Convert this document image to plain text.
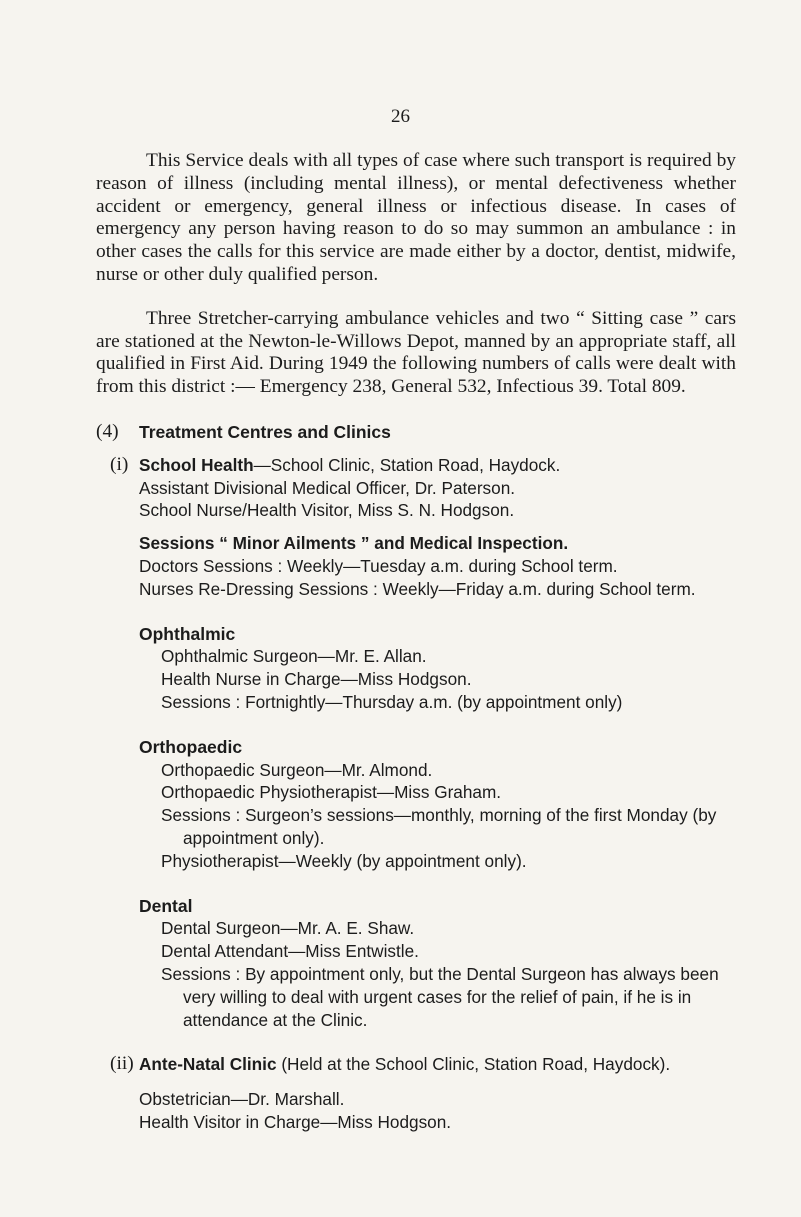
26

This Service deals with all types of case where such transport is required by reason of illness (including mental illness), or mental defectiveness whether accident or emergency, general illness or infectious disease. In cases of emergency any person having reason to do so may summon an ambulance : in other cases the calls for this service are made either by a doctor, dentist, midwife, nurse or other duly qualified person.

Three Stretcher-carrying ambulance vehicles and two “ Sitting case ” cars are stationed at the Newton-le-Willows Depot, manned by an appropriate staff, all qualified in First Aid. During 1949 the following numbers of calls were dealt with from this district :— Emergency 238, General 532, Infectious 39. Total 809.

(4)	Treatment Centres and Clinics
(i) School Health—School Clinic, Station Road, Haydock.
Assistant Divisional Medical Officer, Dr. Paterson.
School Nurse/Health Visitor, Miss S. N. Hodgson.
Sessions “ Minor Ailments ” and Medical Inspection.
Doctors Sessions : Weekly—Tuesday a.m. during School term.
Nurses Re-Dressing Sessions : Weekly—Friday a.m. during School term.
Ophthalmic
Ophthalmic Surgeon—Mr. E. Allan.
Health Nurse in Charge—Miss Hodgson.
Sessions : Fortnightly—Thursday a.m. (by appointment only)
Orthopaedic
Orthopaedic Surgeon—Mr. Almond.
Orthopaedic Physiotherapist—Miss Graham.
Sessions : Surgeon’s sessions—monthly, morning of the first Monday (by appointment only).
Physiotherapist—Weekly (by appointment only).
Dental
Dental Surgeon—Mr. A. E. Shaw.
Dental Attendant—Miss Entwistle.
Sessions : By appointment only, but the Dental Surgeon has always been very willing to deal with urgent cases for the relief of pain, if he is in attendance at the Clinic.
(ii) Ante-Natal Clinic (Held at the School Clinic, Station Road, Haydock).
Obstetrician—Dr. Marshall.
Health Visitor in Charge—Miss Hodgson.
